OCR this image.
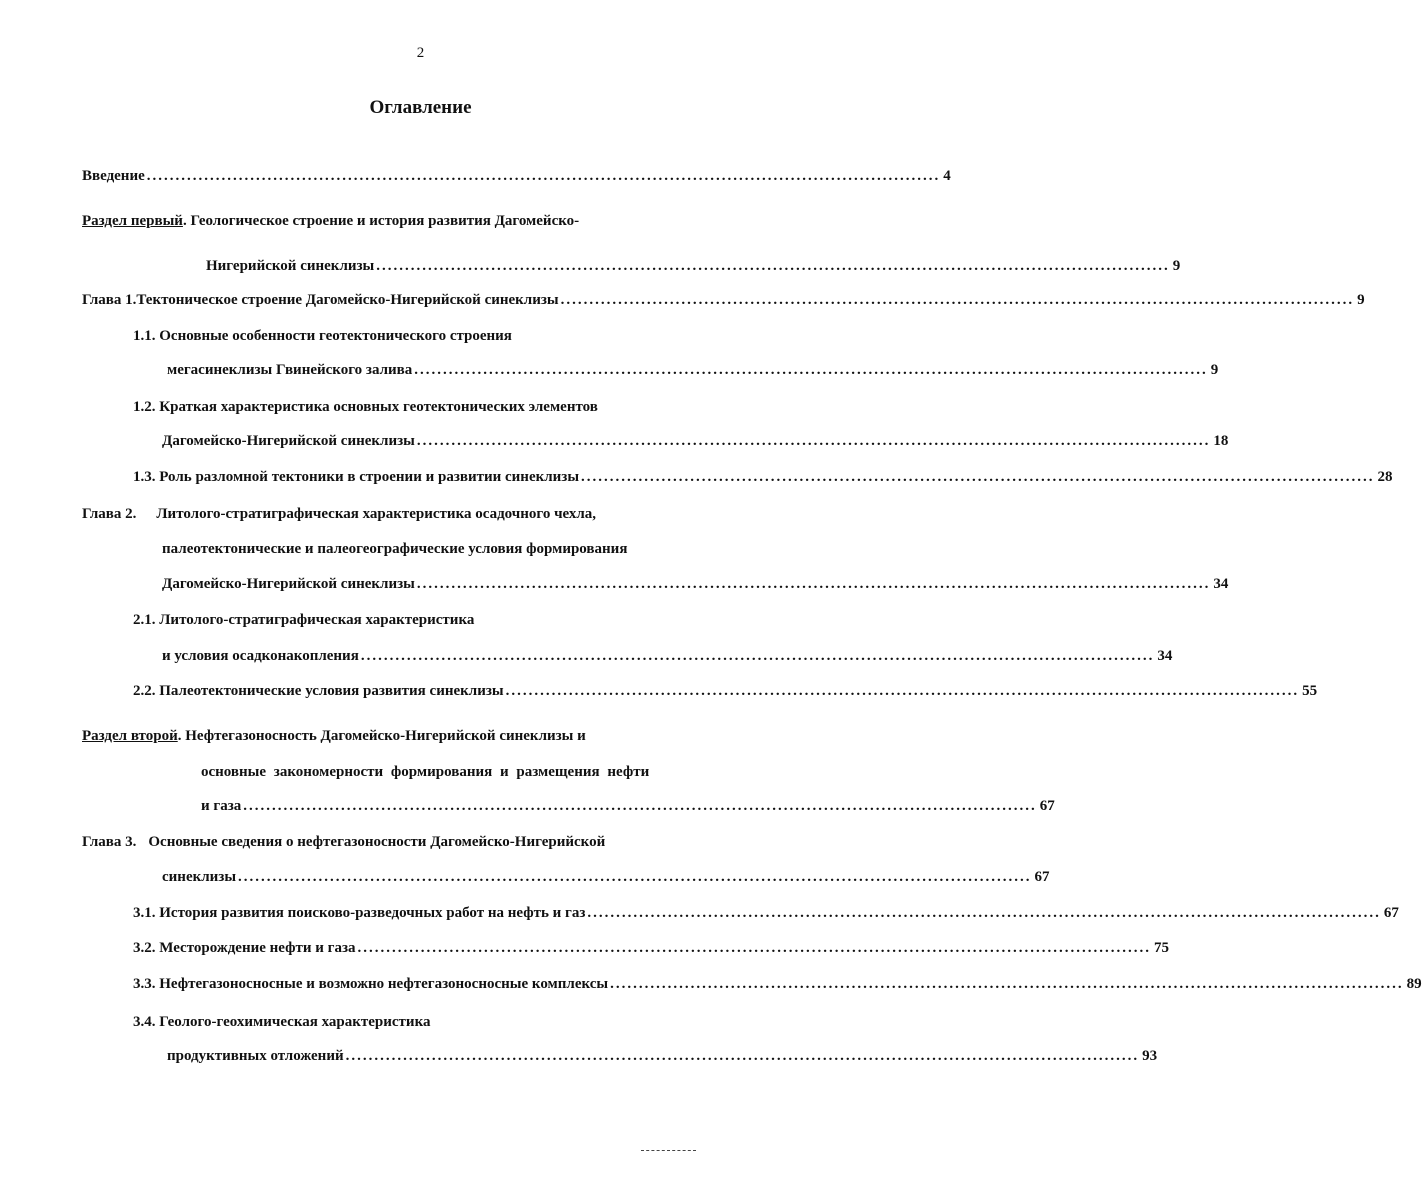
2
Оглавление
Введение .......................................................................................................................................... 4
Раздел первый . Геологическое строение и история развития Дагомейско-
Нигерийской синеклизы .......................................................................................................................................... 9
Глава 1. Тектоническое строение Дагомейско-Нигерийской синеклизы .......................................................................................................................................... 9
1.1.
Основные особенности геотектонического строения
мегасинеклизы Гвинейского залива .......................................................................................................................................... 9
1.2.
Краткая характеристика основных геотектонических элементов
Дагомейско-Нигерийской синеклизы .......................................................................................................................................... 18
1.3.
Роль разломной тектоники в строении и развитии синеклизы .......................................................................................................................................... 28
Глава 2. Литолого-стратиграфическая характеристика осадочного чехла,
палеотектонические и палеогеографические условия формирования
Дагомейско-Нигерийской синеклизы .......................................................................................................................................... 34
2.1.
Литолого-стратиграфическая характеристика
и условия осадконакопления .......................................................................................................................................... 34
2.2.
Палеотектонические условия развития синеклизы .......................................................................................................................................... 55
Раздел второй . Нефтегазоносность Дагомейско-Нигерийской синеклизы и
основные закономерности формирования и размещения нефти
и газа .......................................................................................................................................... 67
Глава 3. Основные сведения о нефтегазоносности Дагомейско-Нигерийской
синеклизы .......................................................................................................................................... 67
3.1.
История развития поисково-разведочных работ на нефть и газ .......................................................................................................................................... 67
3.2.
Месторождение нефти и газа .......................................................................................................................................... 75
3.3.
Нефтегазоносносные и возможно нефтегазоносносные комплексы .......................................................................................................................................... 89
3.4.
Геолого-геохимическая характеристика
продуктивных отложений .......................................................................................................................................... 93
